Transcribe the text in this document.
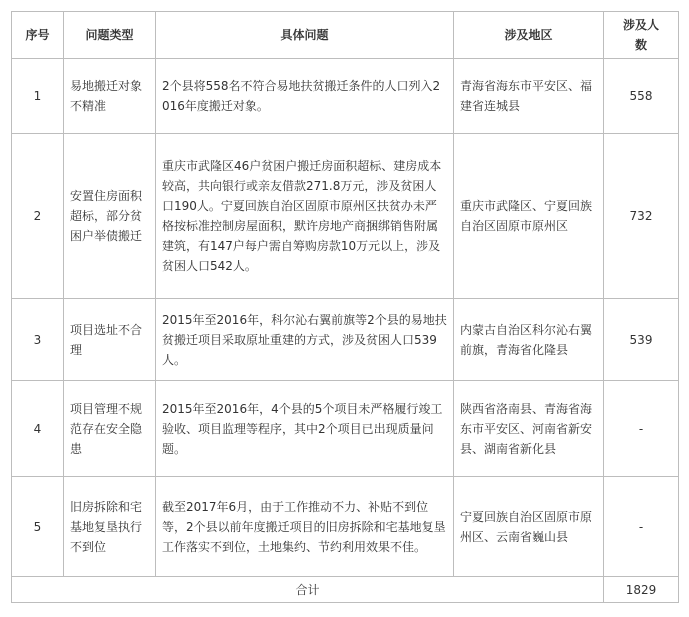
序号	问题类型	具体问题	涉及地区	涉及人数
1	易地搬迁对象不精准	2个县将558名不符合易地扶贫搬迁条件的人口列入2016年度搬迁对象。	青海省海东市平安区、福建省连城县	558
2	安置住房面积超标，部分贫困户举债搬迁	重庆市武隆区46户贫困户搬迁房面积超标、建房成本较高，共向银行或亲友借款271.8万元，涉及贫困人口190人。宁夏回族自治区固原市原州区扶贫办未严格按标准控制房屋面积，默许房地产商捆绑销售附属建筑，有147户每户需自筹购房款10万元以上，涉及贫困人口542人。	重庆市武隆区、宁夏回族自治区固原市原州区	732
3	项目选址不合理	2015年至2016年，科尔沁右翼前旗等2个县的易地扶贫搬迁项目采取原址重建的方式，涉及贫困人口539人。	内蒙古自治区科尔沁右翼前旗，青海省化隆县	539
4	项目管理不规范存在安全隐患	2015年至2016年，4个县的5个项目未严格履行竣工验收、项目监理等程序，其中2个项目已出现质量问题。	陕西省洛南县、青海省海东市平安区、河南省新安县、湖南省新化县	-
5	旧房拆除和宅基地复垦执行不到位	截至2017年6月，由于工作推动不力、补贴不到位等，2个县以前年度搬迁项目的旧房拆除和宅基地复垦工作落实不到位，土地集约、节约利用效果不佳。	宁夏回族自治区固原市原州区、云南省巍山县	-
合计				1829
